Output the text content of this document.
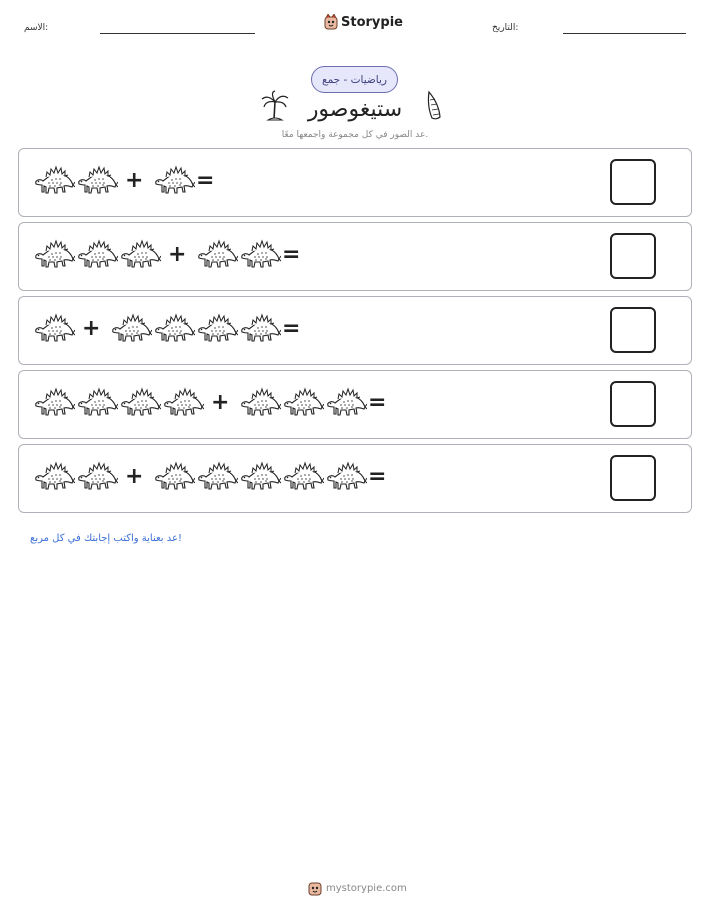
الاسم:	Storypie	التاريخ:
رياضيات - جمع
ستيغوصور
عد الصور في كل مجموعة واجمعها معًا.
+ =
+	=
+	=
+	=
+	=
عد بعناية واكتب إجابتك في كل مربع!
mystorypie.com
